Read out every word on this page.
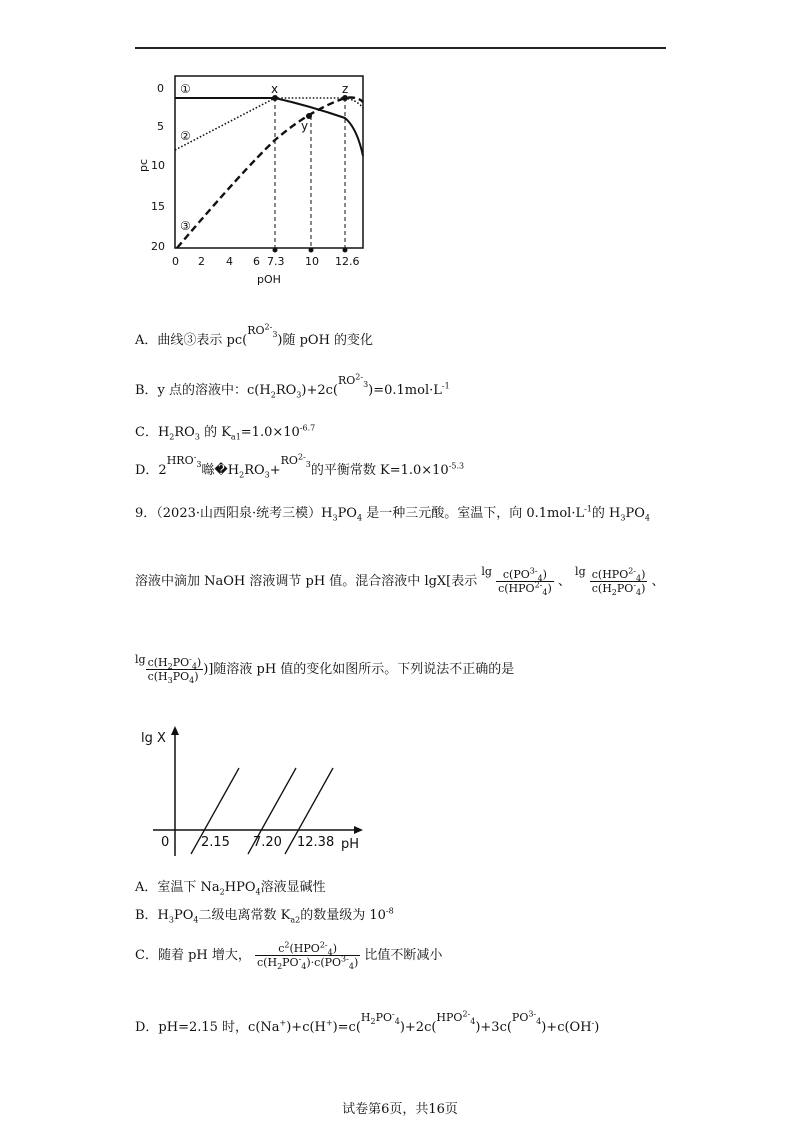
0
5
10
15
20
pc
0 2 4 6 7.3 10 12.6
pOH
x
y
z
①
②
③
A．曲线③表示 pc($^{RO^{2-}_3}$)随 pOH 的变化
B．y 点的溶液中：$c(H_2RO_3)+2c(^{RO^{2-}_3})=0.1mol\cdot L^{-1}$
C．$H_2RO_3$ 的 $K_{a1}=1.0\times 10^{-6.7}$
D．$2^{HRO^-_3}$噝$�H_2RO_3+^{RO^{2-}_3}$的平衡常数 $K=1.0\times 10^{-5.3}$
9．（2023·山西阳泉·统考三模）$H_3PO_4$ 是一种三元酸。室温下，向 $0.1mol\cdot L^{-1}$的 $H_3PO_4$
溶液中滴加 NaOH 溶液调节 pH 值。混合溶液中 lgX[表示 $^{lg} \frac{c(PO^{3-}_4)}{c(HPO^{2-}_4)}$ 、 $^{lg} \frac{c(HPO^{2-}_4)}{c(H_2PO^-_4)}$ 、
$^{lg} \frac{c(H_2PO^-_4)}{c(H_3PO_4)}$ )]随溶液 pH 值的变化如图所示。下列说法不正确的是
lg X
pH
0 2.15 7.20 12.38
A．室温下 $Na_2HPO_4$溶液显碱性
B．$H_3PO_4$二级电离常数 $K_{a2}$的数量级为 $10^{-8}$
C．随着 pH 增大， $\frac{c^2(HPO^{2-}_4)}{c(H_2PO^-_4)\cdot c(PO^{3-}_4)}$ 比值不断减小
D．pH=2.15 时，c(Na+)+c(H+)=c($^{H_2PO^-_4}$)+2c($^{HPO^{2-}_4}$)+3c($^{PO^{3-}_4}$)+c(OH-)
试卷第6页，共16页
